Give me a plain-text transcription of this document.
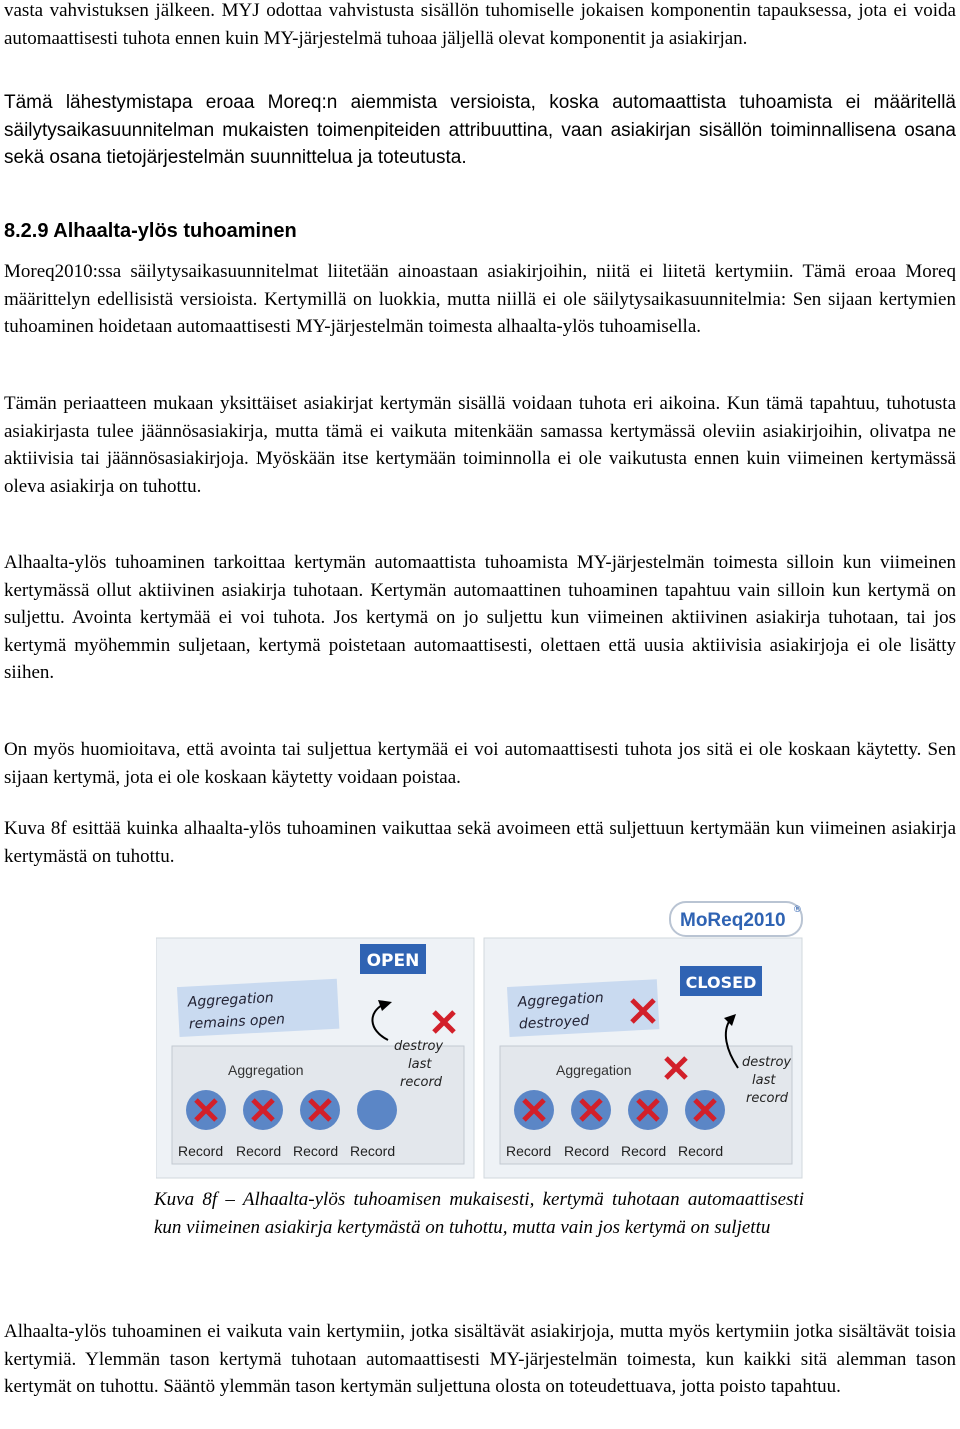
vasta vahvistuksen jälkeen. MYJ odottaa vahvistusta sisällön tuhomiselle jokaisen komponentin tapauksessa, jota ei voida automaattisesti tuhota ennen kuin MY-järjestelmä tuhoaa jäljellä olevat komponentit ja asiakirjan.

Tämä lähestymistapa eroaa Moreq:n aiemmista versioista, koska automaattista tuhoamista ei määritellä säilytysaikasuunnitelman mukaisten toimenpiteiden attribuuttina, vaan asiakirjan sisällön toiminnallisena osana sekä osana tietojärjestelmän suunnittelua ja toteutusta.

8.2.9 Alhaalta-ylös tuhoaminen

Moreq2010:ssa säilytysaikasuunnitelmat liitetään ainoastaan asiakirjoihin, niitä ei liitetä kertymiin. Tämä eroaa Moreq määrittelyn edellisistä versioista. Kertymillä on luokkia, mutta niillä ei ole säilytysaikasuunnitelmia: Sen sijaan kertymien tuhoaminen hoidetaan automaattisesti MY-järjestelmän toimesta alhaalta-ylös tuhoamisella.

Tämän periaatteen mukaan yksittäiset asiakirjat kertymän sisällä voidaan tuhota eri aikoina. Kun tämä tapahtuu, tuhotusta asiakirjasta tulee jäännösasiakirja, mutta tämä ei vaikuta mitenkään samassa kertymässä oleviin asiakirjoihin, olivatpa ne aktiivisia tai jäännösasiakirjoja. Myöskään itse kertymään toiminnolla ei ole vaikutusta ennen kuin viimeinen kertymässä oleva asiakirja on tuhottu.

Alhaalta-ylös tuhoaminen tarkoittaa kertymän automaattista tuhoamista MY-järjestelmän toimesta silloin kun viimeinen kertymässä ollut aktiivinen asiakirja tuhotaan. Kertymän automaattinen tuhoaminen tapahtuu vain silloin kun kertymä on suljettu. Avointa kertymää ei voi tuhota. Jos kertymä on jo suljettu kun viimeinen aktiivinen asiakirja tuhotaan, tai jos kertymä myöhemmin suljetaan, kertymä poistetaan automaattisesti, olettaen että uusia aktiivisia asiakirjoja ei ole lisätty siihen.

On myös huomioitava, että avointa tai suljettua kertymää ei voi automaattisesti tuhota jos sitä ei ole koskaan käytetty. Sen sijaan kertymä, jota ei ole koskaan käytetty voidaan poistaa.

Kuva 8f esittää kuinka alhaalta-ylös tuhoaminen vaikuttaa sekä avoimeen että suljettuun kertymään kun viimeinen asiakirja kertymästä on tuhottu.

Alhaalta-ylös tuhoaminen ei vaikuta vain kertymiin, jotka sisältävät asiakirjoja, mutta myös kertymiin jotka sisältävät toisia kertymiä. Ylemmän tason kertymä tuhotaan automaattisesti MY-järjestelmän toimesta, kun kaikki sitä alemman tason kertymät on tuhottu. Sääntö ylemmän tason kertymän suljettuna olosta on toteudettuava, jotta poisto tapahtuu.

MoReq2010
®
OPEN
Aggregation
remains open
Aggregation
destroy
last
record
Record Record Record Record
CLOSED
Aggregation
destroyed
Aggregation	destroy
last
record
Record Record Record Record

Kuva 8f – Alhaalta-ylös tuhoamisen mukaisesti, kertymä tuhotaan automaattisesti kun viimeinen asiakirja kertymästä on tuhottu, mutta vain jos kertymä on suljettu
